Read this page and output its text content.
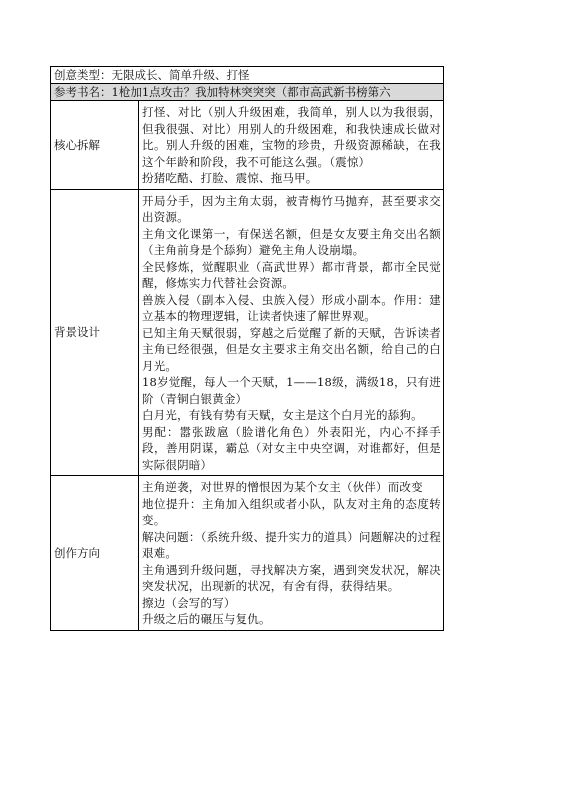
创意类型：无限成长、简单升级、打怪
参考书名：1枪加1点攻击？我加特林突突突（都市高武新书榜第六
核心拆解

打怪、对比（别人升级困难，我简单，别人以为我很弱，但我很强、对比）用别人的升级困难，和我快速成长做对比。别人升级的困难，宝物的珍贵，升级资源稀缺，在我这个年龄和阶段，我不可能这么强。（震惊）

扮猪吃酷、打脸、震惊、拖马甲。

背景设计

开局分手，因为主角太弱，被青梅竹马抛弃，甚至要求交出资源。

主角文化课第一，有保送名额，但是女友要主角交出名额（主角前身是个舔狗）避免主角人设崩塌。

全民修炼，觉醒职业（高武世界）都市背景，都市全民觉醒，修炼实力代替社会资源。

兽族入侵（副本入侵、虫族入侵）形成小副本。作用：建立基本的物理逻辑，让读者快速了解世界观。

已知主角天赋很弱，穿越之后觉醒了新的天赋，告诉读者主角已经很强，但是女主要求主角交出名额，给自己的白月光。

18岁觉醒，每人一个天赋，1——18级，满级18，只有进阶（青铜白银黄金）

白月光，有钱有势有天赋，女主是这个白月光的舔狗。

男配：嚣张跋扈（脸谱化角色）外表阳光，内心不择手段，善用阴谋，霸总（对女主中央空调，对谁都好，但是实际很阴暗）

创作方向

主角逆袭，对世界的憎恨因为某个女主（伙伴）而改变

地位提升：主角加入组织或者小队，队友对主角的态度转变。

解决问题：（系统升级、提升实力的道具）问题解决的过程艰难。

主角遇到升级问题，寻找解决方案，遇到突发状况，解决突发状况，出现新的状况，有舍有得，获得结果。

擦边（会写的写）

升级之后的碾压与复仇。
